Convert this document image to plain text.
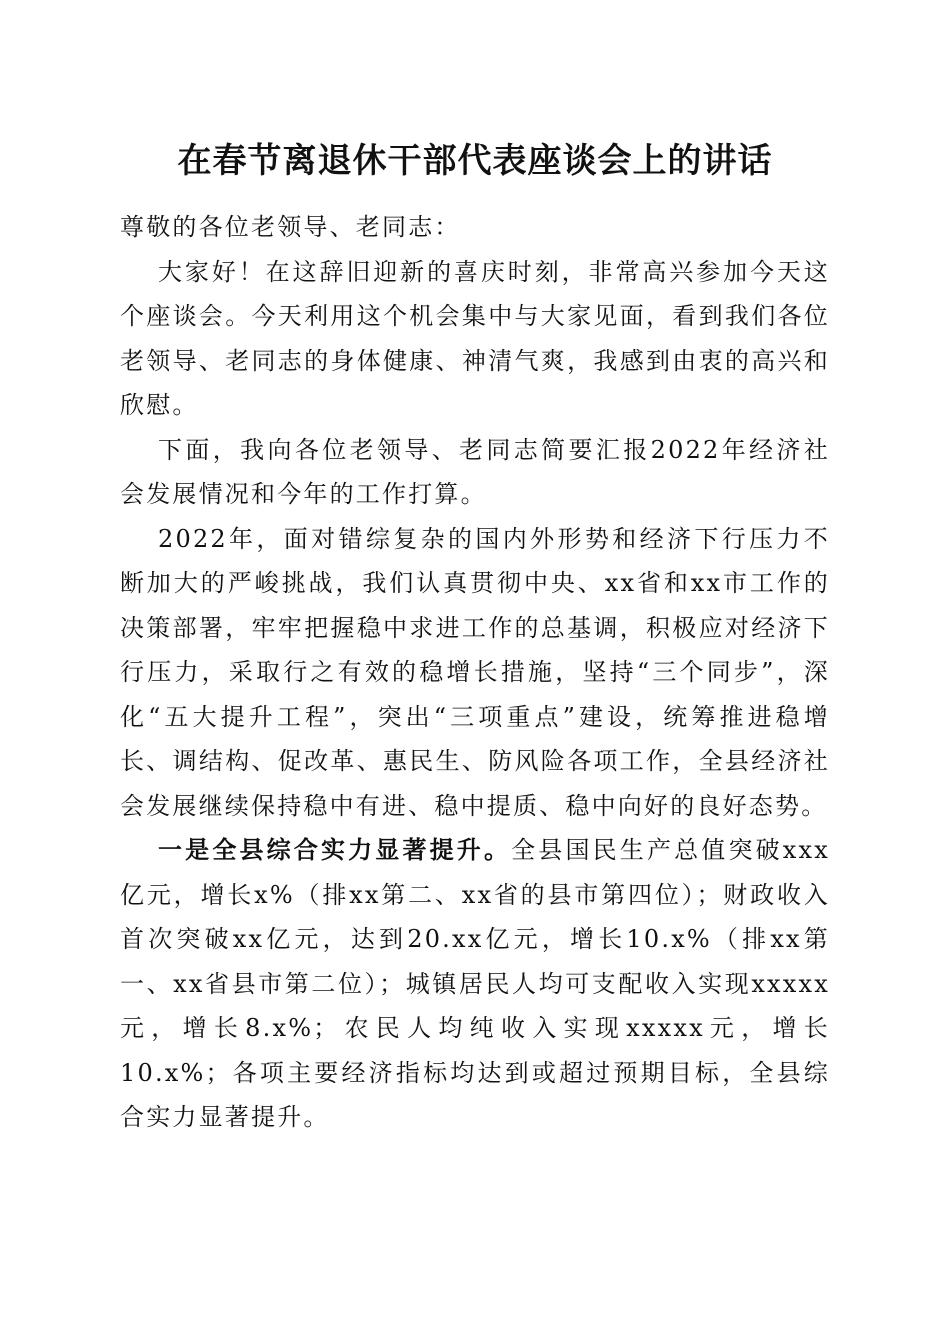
在春节离退休干部代表座谈会上的讲话

尊敬的各位老领导、老同志：

大家好！在这辞旧迎新的喜庆时刻，非常高兴参加今天这个座谈会。今天利用这个机会集中与大家见面，看到我们各位老领导、老同志的身体健康、神清气爽，我感到由衷的高兴和欣慰。

下面，我向各位老领导、老同志简要汇报2022年经济社会发展情况和今年的工作打算。

2022年，面对错综复杂的国内外形势和经济下行压力不断加大的严峻挑战，我们认真贯彻中央、xx省和xx市工作的决策部署，牢牢把握稳中求进工作的总基调，积极应对经济下行压力，采取行之有效的稳增长措施，坚持“三个同步”，深化“五大提升工程”，突出“三项重点”建设，统筹推进稳增长、调结构、促改革、惠民生、防风险各项工作，全县经济社会发展继续保持稳中有进、稳中提质、稳中向好的良好态势。

一是全县综合实力显著提升。全县国民生产总值突破xxx亿元，增长x%（排xx第二、xx省的县市第四位）；财政收入首次突破xx亿元，达到20.xx亿元，增长10.x%（排xx第一、xx省县市第二位）；城镇居民人均可支配收入实现xxxxx元，增长8.x%；农民人均纯收入实现xxxxx元，增长10.x%；各项主要经济指标均达到或超过预期目标，全县综合实力显著提升。
